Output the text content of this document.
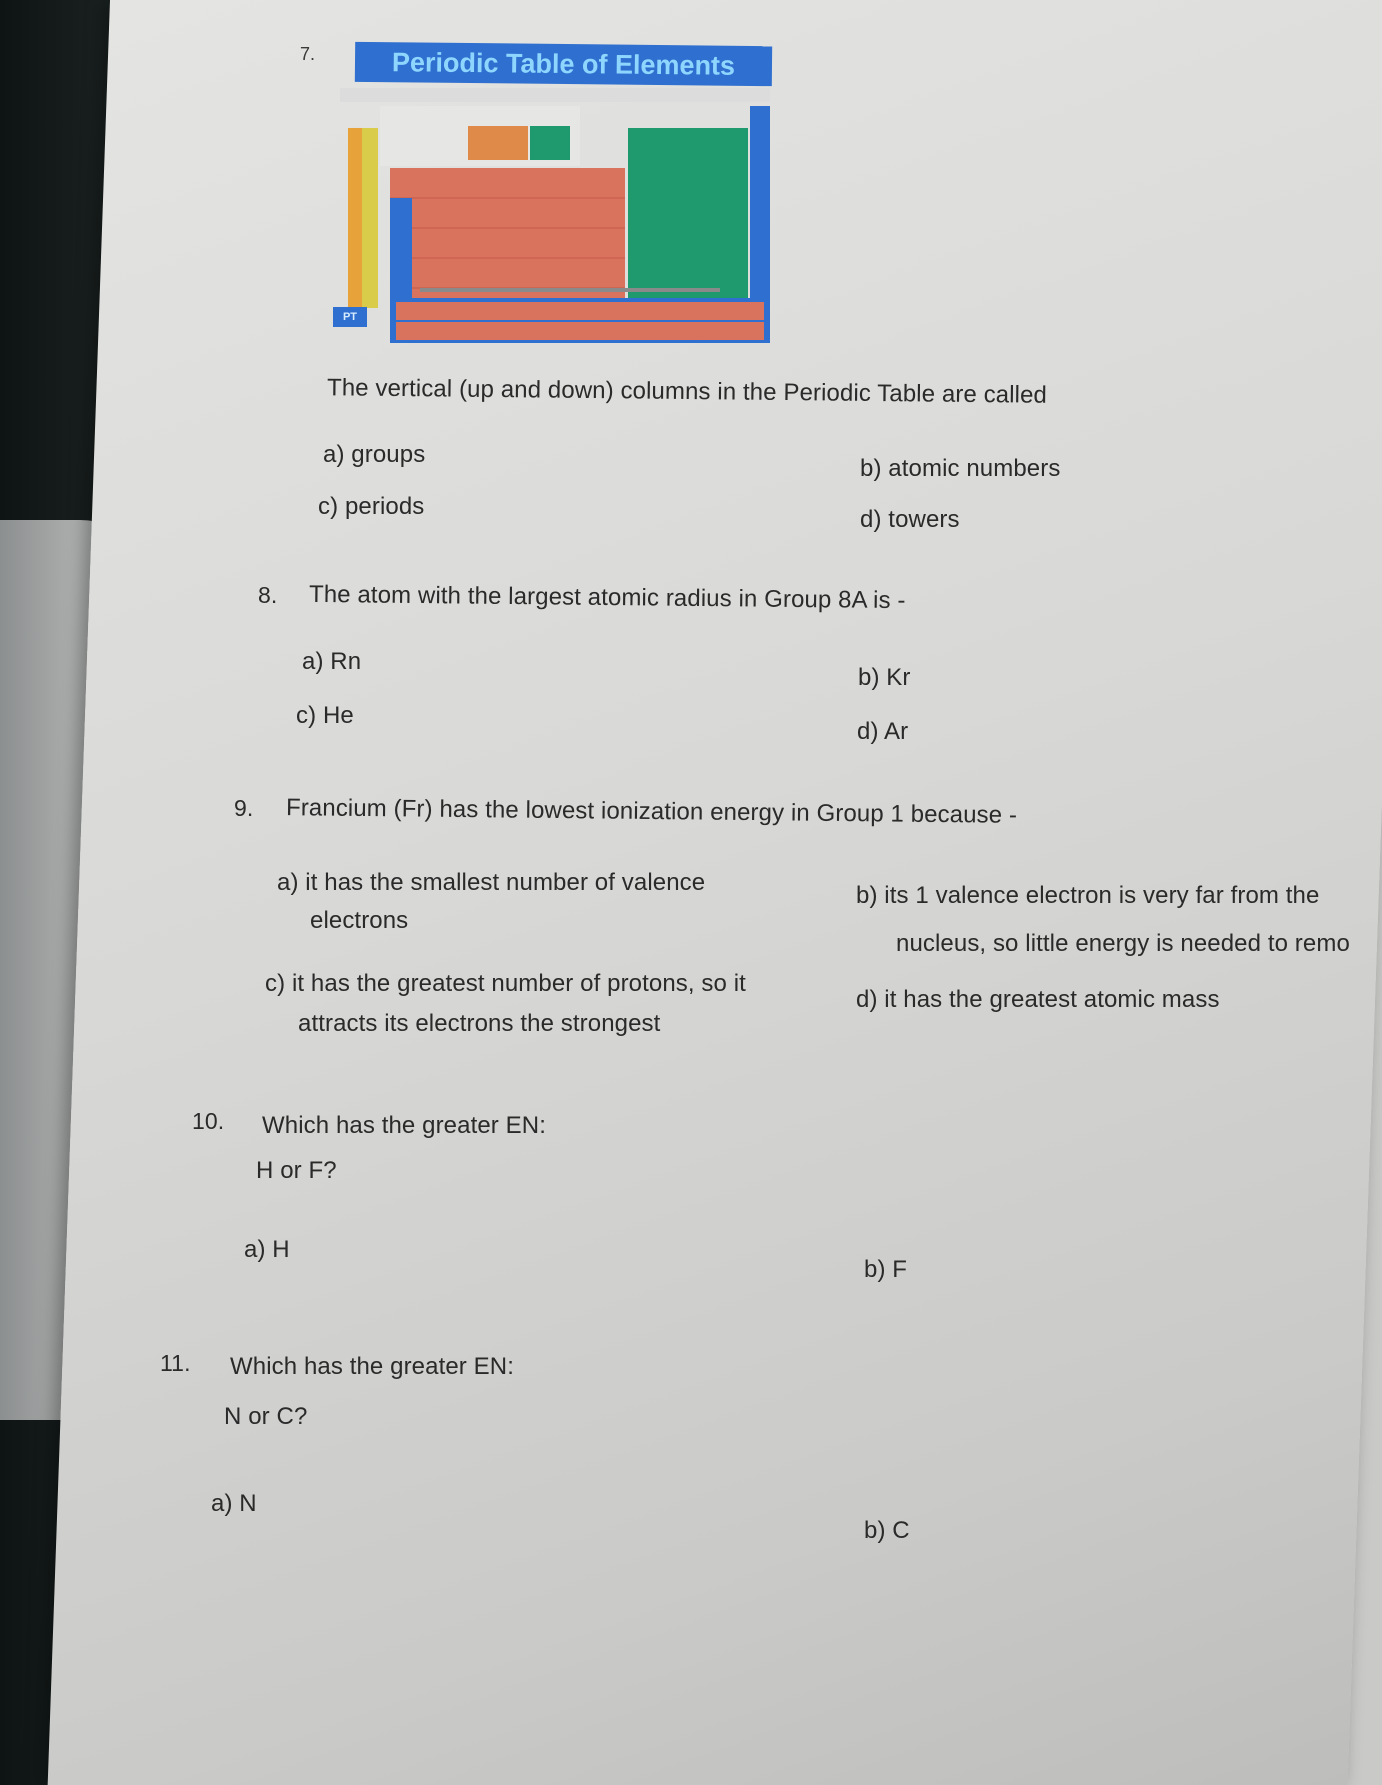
7.	Periodic Table of Elements
PT
The vertical (up and down) columns in the Periodic Table are called
a) groups
b) atomic numbers
c) periods	d) towers
8. The atom with the largest atomic radius in Group 8A is -
a) Rn
b) Kr
c) He
d) Ar
9. Francium (Fr) has the lowest ionization energy in Group 1 because -
a) it has the smallest number of valence
electrons
b) its 1 valence electron is very far from the
nucleus, so little energy is needed to remo
c) it has the greatest number of protons, so it
attracts its electrons the strongest
d) it has the greatest atomic mass
10. Which has the greater EN:
H or F?
a) H
b) F
11. Which has the greater EN:
N or C?
a) N
b) C
